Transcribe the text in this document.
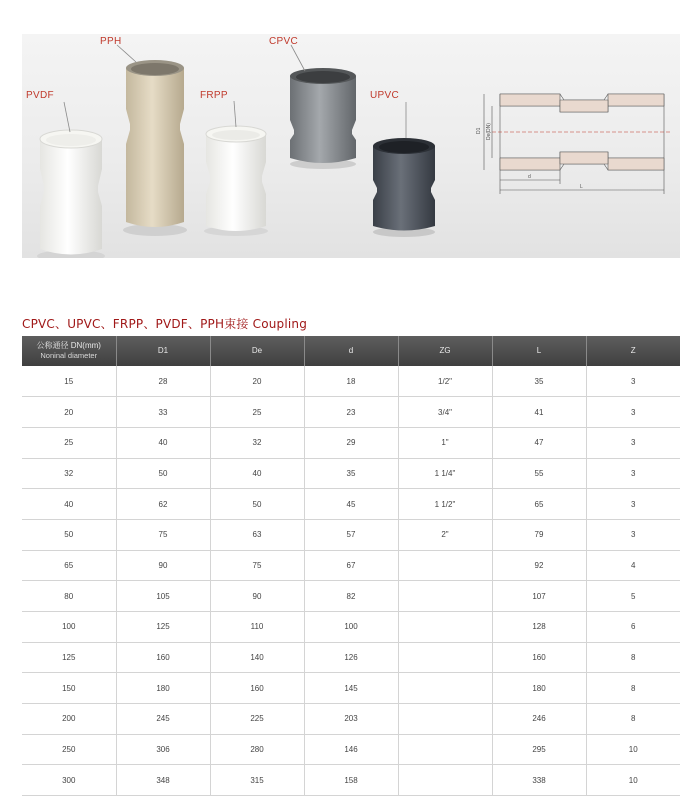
D1 De(DN)
d
L
PVDF
PPH
FRPP
CPVC
UPVC
CPVC、UPVC、FRPP、PVDF、PPH束接 Coupling
公称通径 DN(mm)
Noninal diameter	D1	De	d	ZG	L	Z
15	28	20	18	1/2"	35	3
20	33	25	23	3/4"	41	3
25	40	32	29	1"	47	3
32	50	40	35	1 1/4"	55	3
40	62	50	45	1 1/2"	65	3
50	75	63	57	2"	79	3
65	90	75	67		92	4
80	105	90	82		107	5
100	125	110	100		128	6
125	160	140	126		160	8
150	180	160	145		180	8
200	245	225	203		246	8
250	306	280	146		295	10
300	348	315	158		338	10
